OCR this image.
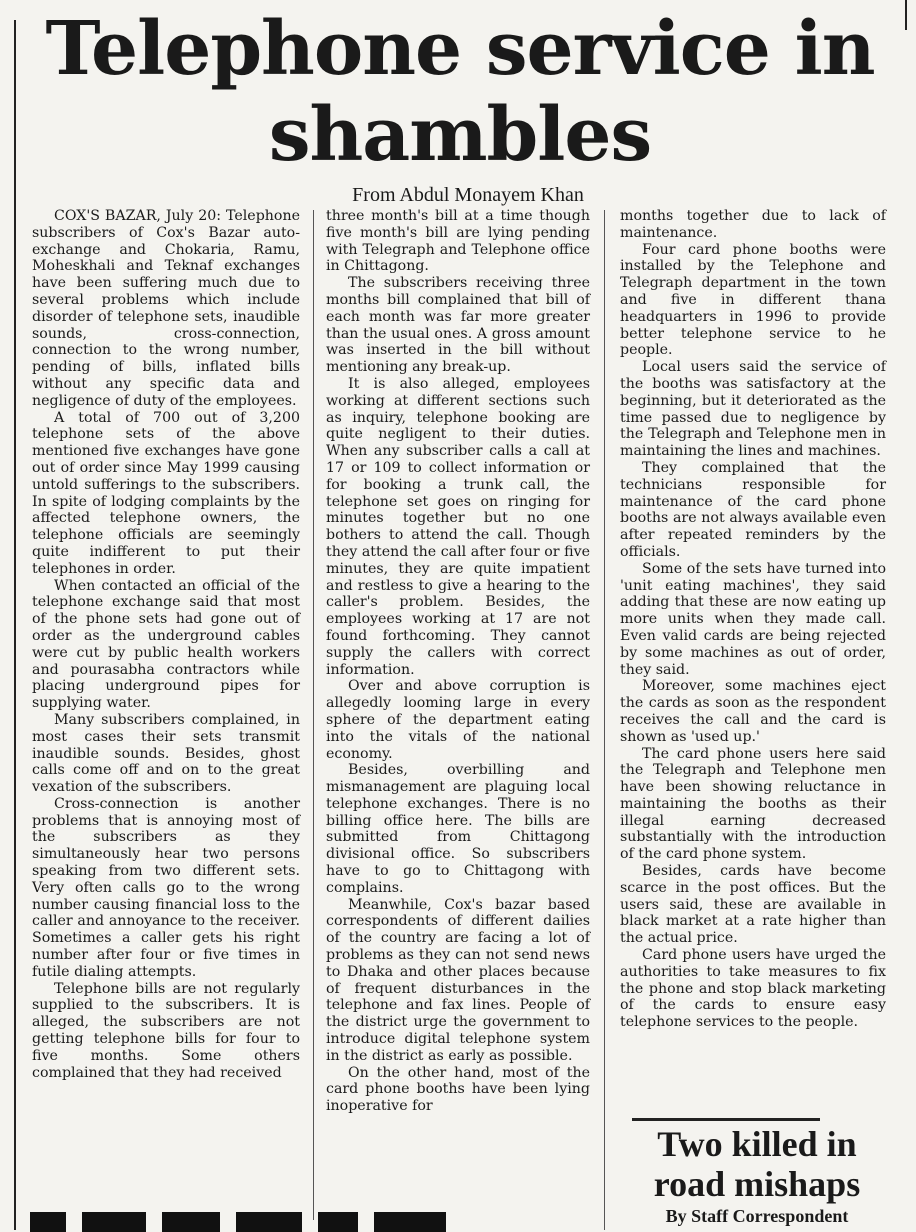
Telephone service in
shambles

From Abdul Monayem Khan

COX'S BAZAR, July 20: Telephone subscribers of Cox's Bazar auto-exchange and Chokaria, Ramu, Moheskhali and Teknaf exchanges have been suffering much due to several problems which include disorder of telephone sets, inaudible sounds, cross-connection, connection to the wrong number, pending of bills, inflated bills without any specific data and negligence of duty of the employees.

A total of 700 out of 3,200 telephone sets of the above mentioned five exchanges have gone out of order since May 1999 causing untold sufferings to the subscribers. In spite of lodging complaints by the affected telephone owners, the telephone officials are seemingly quite indifferent to put their telephones in order.

When contacted an official of the telephone exchange said that most of the phone sets had gone out of order as the underground cables were cut by public health workers and pourasabha contractors while placing underground pipes for supplying water.

Many subscribers complained, in most cases their sets transmit inaudible sounds. Besides, ghost calls come off and on to the great vexation of the subscribers.

Cross-connection is another problems that is annoying most of the subscribers as they simultaneously hear two persons speaking from two different sets. Very often calls go to the wrong number causing financial loss to the caller and annoyance to the receiver. Sometimes a caller gets his right number after four or five times in futile dialing attempts.

Telephone bills are not regularly supplied to the subscribers. It is alleged, the subscribers are not getting telephone bills for four to five months. Some others complained that they had received

three month's bill at a time though five month's bill are lying pending with Telegraph and Telephone office in Chittagong.

The subscribers receiving three months bill complained that bill of each month was far more greater than the usual ones. A gross amount was inserted in the bill without mentioning any break-up.

It is also alleged, employees working at different sections such as inquiry, telephone booking are quite negligent to their duties. When any subscriber calls a call at 17 or 109 to collect information or for booking a trunk call, the telephone set goes on ringing for minutes together but no one bothers to attend the call. Though they attend the call after four or five minutes, they are quite impatient and restless to give a hearing to the caller's problem. Besides, the employees working at 17 are not found forthcoming. They cannot supply the callers with correct information.

Over and above corruption is allegedly looming large in every sphere of the department eating into the vitals of the national economy.

Besides, overbilling and mismanagement are plaguing local telephone exchanges. There is no billing office here. The bills are submitted from Chittagong divisional office. So subscribers have to go to Chittagong with complains.

Meanwhile, Cox's bazar based correspondents of different dailies of the country are facing a lot of problems as they can not send news to Dhaka and other places because of frequent disturbances in the telephone and fax lines. People of the district urge the government to introduce digital telephone system in the district as early as possible.

On the other hand, most of the card phone booths have been lying inoperative for

months together due to lack of maintenance.

Four card phone booths were installed by the Telephone and Telegraph department in the town and five in different thana headquarters in 1996 to provide better telephone service to he people.

Local users said the service of the booths was satisfactory at the beginning, but it deteriorated as the time passed due to negligence by the Telegraph and Telephone men in maintaining the lines and machines.

They complained that the technicians responsible for maintenance of the card phone booths are not always available even after repeated reminders by the officials.

Some of the sets have turned into 'unit eating machines', they said adding that these are now eating up more units when they made call. Even valid cards are being rejected by some machines as out of order, they said.

Moreover, some machines eject the cards as soon as the respondent receives the call and the card is shown as 'used up.'

The card phone users here said the Telegraph and Telephone men have been showing reluctance in maintaining the booths as their illegal earning decreased substantially with the introduction of the card phone system.

Besides, cards have become scarce in the post offices. But the users said, these are available in black market at a rate higher than the actual price.

Card phone users have urged the authorities to take measures to fix the phone and stop black marketing of the cards to ensure easy telephone services to the people.

Two killed in road mishaps

By Staff Correspondent
